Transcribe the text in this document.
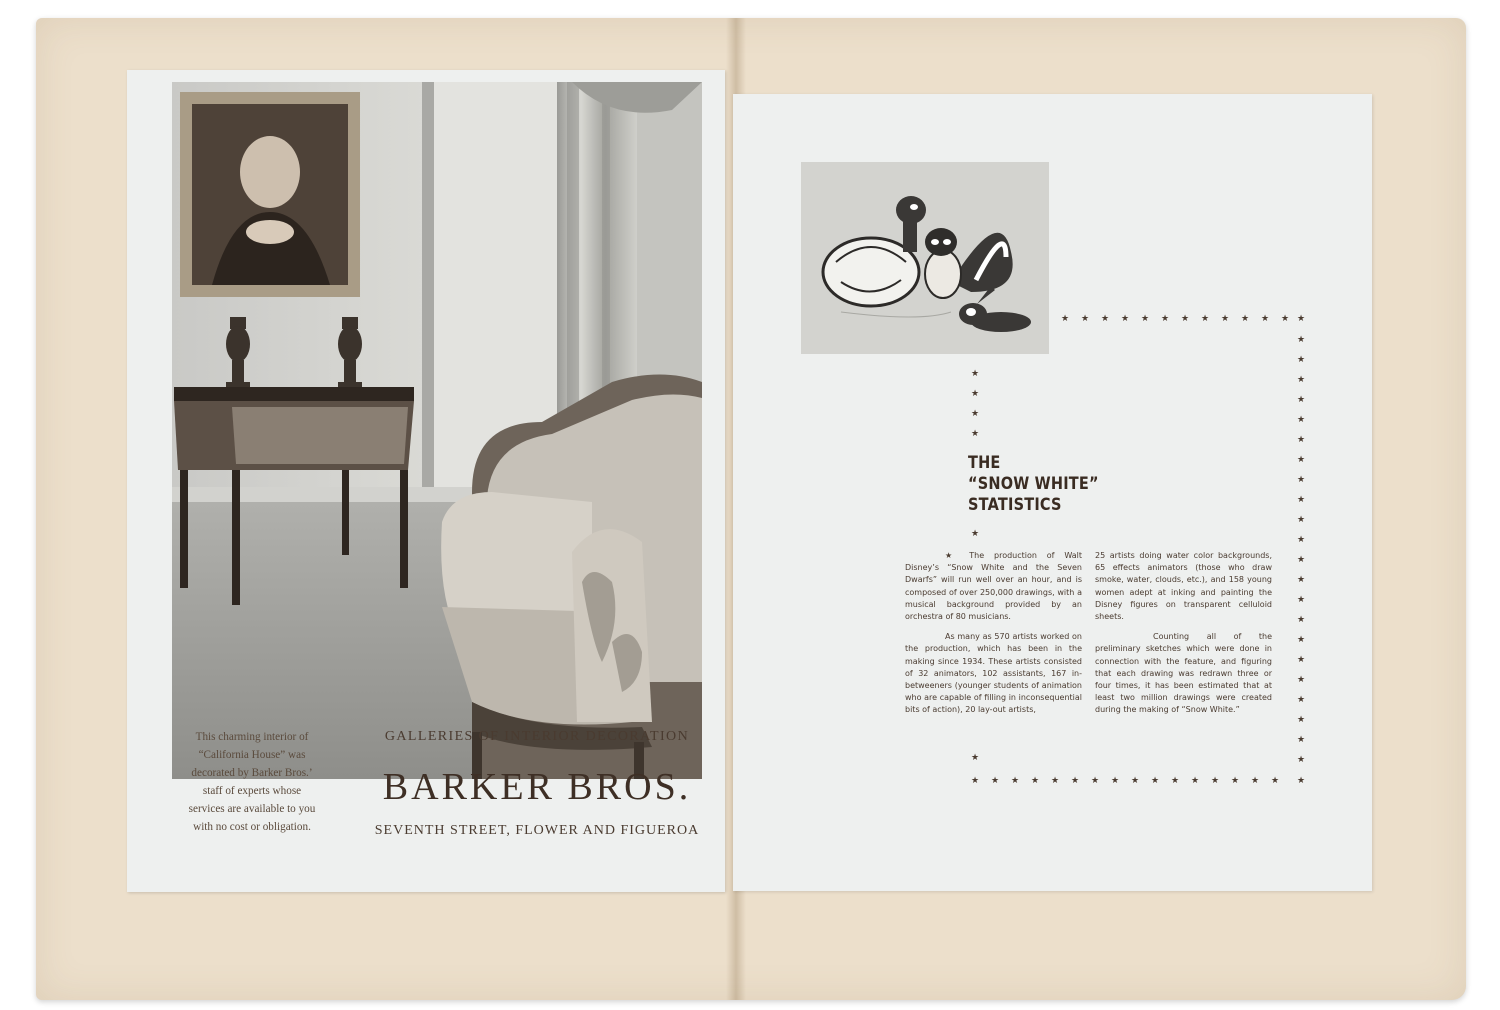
This charming interior of “California House” was decorated by Barker Bros.’ staff of experts whose services are available to you with no cost or obligation.
GALLERIES OF INTERIOR DECORATION
BARKER BROS.
SEVENTH STREET, FLOWER AND FIGUEROA
★ ★ ★ ★ ★ ★ ★ ★ ★ ★ ★ ★ ★
★
★
★
★
★
★
★
★
★
★
★
★
★
★
★
★
★
★
★
★
★
★
★
★ ★ ★ ★ ★ ★ ★ ★ ★ ★ ★ ★ ★ ★ ★ ★
★
★
★
★
★
★
THE
“SNOW WHITE”
STATISTICS

★ The production of Walt Disney’s “Snow White and the Seven Dwarfs” will run well over an hour, and is composed of over 250,000 drawings, with a musical background provided by an orchestra of 80 musicians.

As many as 570 artists worked on the production, which has been in the making since 1934. These artists consisted of 32 animators, 102 assistants, 167 in-betweeners (younger students of animation who are capable of filling in inconsequential bits of action), 20 lay-out artists,

25 artists doing water color backgrounds, 65 effects animators (those who draw smoke, water, clouds, etc.), and 158 young women adept at inking and painting the Disney figures on transparent celluloid sheets.

Counting all of the preliminary sketches which were done in connection with the feature, and figuring that each drawing was redrawn three or four times, it has been estimated that at least two million drawings were created during the making of “Snow White.”
